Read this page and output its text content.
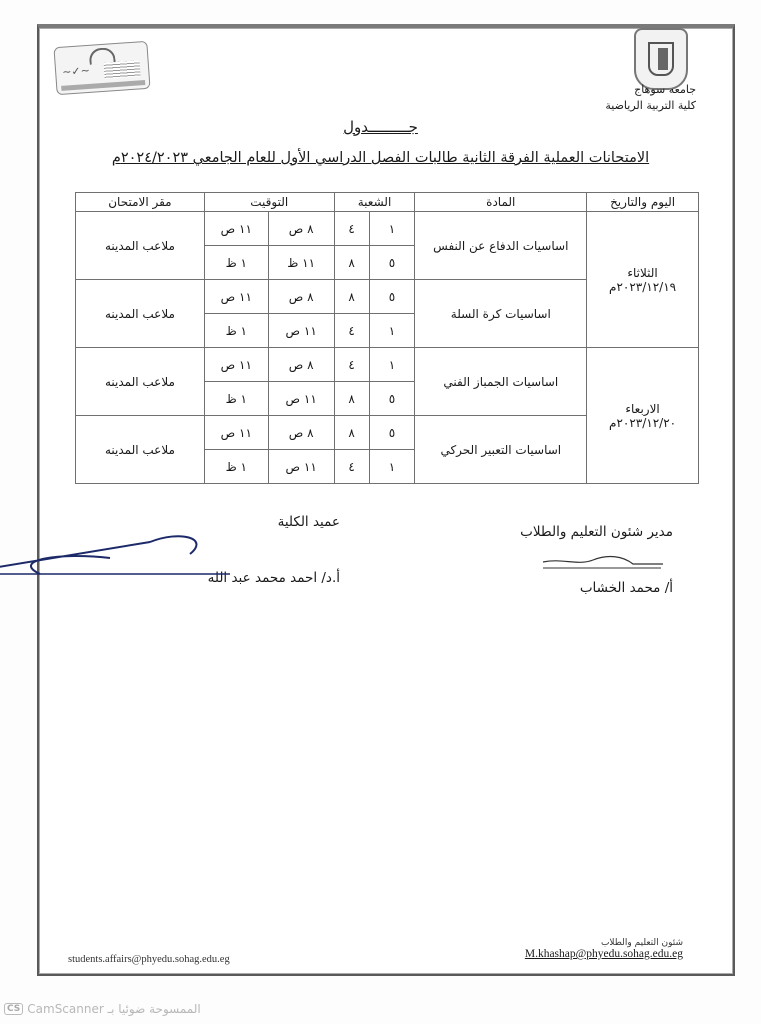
~✓~
جامعه سوهاج
كلية التربية الرياضية
جـــــــــدول
الامتحانات العملية الفرقة الثانية طالبات الفصل الدراسي الأول للعام الجامعي ٢٠٢٤/٢٠٢٣م
اليوم والتاريخ	المادة	الشعبة		التوقيت		مقر الامتحان

الثلاثاء
٢٠٢٣/١٢/١٩م	اساسيات الدفاع عن النفس	١	٤	٨ ص	١١ ص	ملاعب المدينه
		٥	٨	١١ ظ	١ ظ	
	اساسيات كرة السلة	٥	٨	٨ ص	١١ ص	ملاعب المدينه
		١	٤	١١ ص	١ ظ	

الاربعاء
٢٠٢٣/١٢/٢٠م	اساسيات الجمباز الفني	١	٤	٨ ص	١١ ص	ملاعب المدينه
		٥	٨	١١ ص	١ ظ	
	اساسيات التعبير الحركي	٥	٨	٨ ص	١١ ص	ملاعب المدينه
		١	٤	١١ ص	١ ظ	
مدير شئون التعليم والطلاب
أ/ محمد الخشاب
عميد الكلية
أ.د/ احمد محمد عبد الله
students.affairs@phyedu.sohag.edu.eg
شئون التعليم والطلاب
M.khashap@phyedu.sohag.edu.eg
CS CamScanner الممسوحة ضوئيا بـ
